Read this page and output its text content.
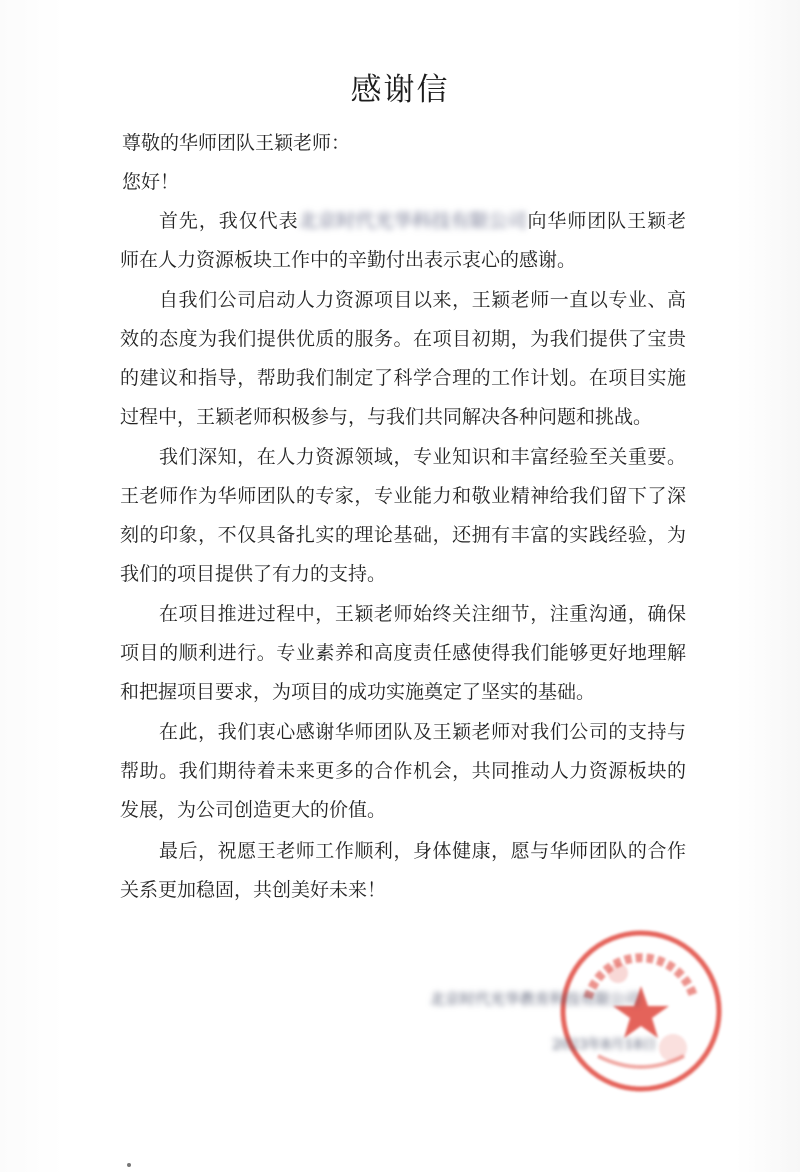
感谢信
尊敬的华师团队王颖老师：
您好！

首先，我仅代表北京时代光华科技有限公司向华师团队王颖老师在人力资源板块工作中的辛勤付出表示衷心的感谢。

自我们公司启动人力资源项目以来，王颖老师一直以专业、高效的态度为我们提供优质的服务。在项目初期，为我们提供了宝贵的建议和指导，帮助我们制定了科学合理的工作计划。在项目实施过程中，王颖老师积极参与，与我们共同解决各种问题和挑战。

我们深知，在人力资源领域，专业知识和丰富经验至关重要。王老师作为华师团队的专家，专业能力和敬业精神给我们留下了深刻的印象，不仅具备扎实的理论基础，还拥有丰富的实践经验，为我们的项目提供了有力的支持。

在项目推进过程中，王颖老师始终关注细节，注重沟通，确保项目的顺利进行。专业素养和高度责任感使得我们能够更好地理解和把握项目要求，为项目的成功实施奠定了坚实的基础。

在此，我们衷心感谢华师团队及王颖老师对我们公司的支持与帮助。我们期待着未来更多的合作机会，共同推动人力资源板块的发展，为公司创造更大的价值。

最后，祝愿王老师工作顺利，身体健康，愿与华师团队的合作关系更加稳固，共创美好未来！

北京时代光华教育科技有限公司
2023年8月18日
